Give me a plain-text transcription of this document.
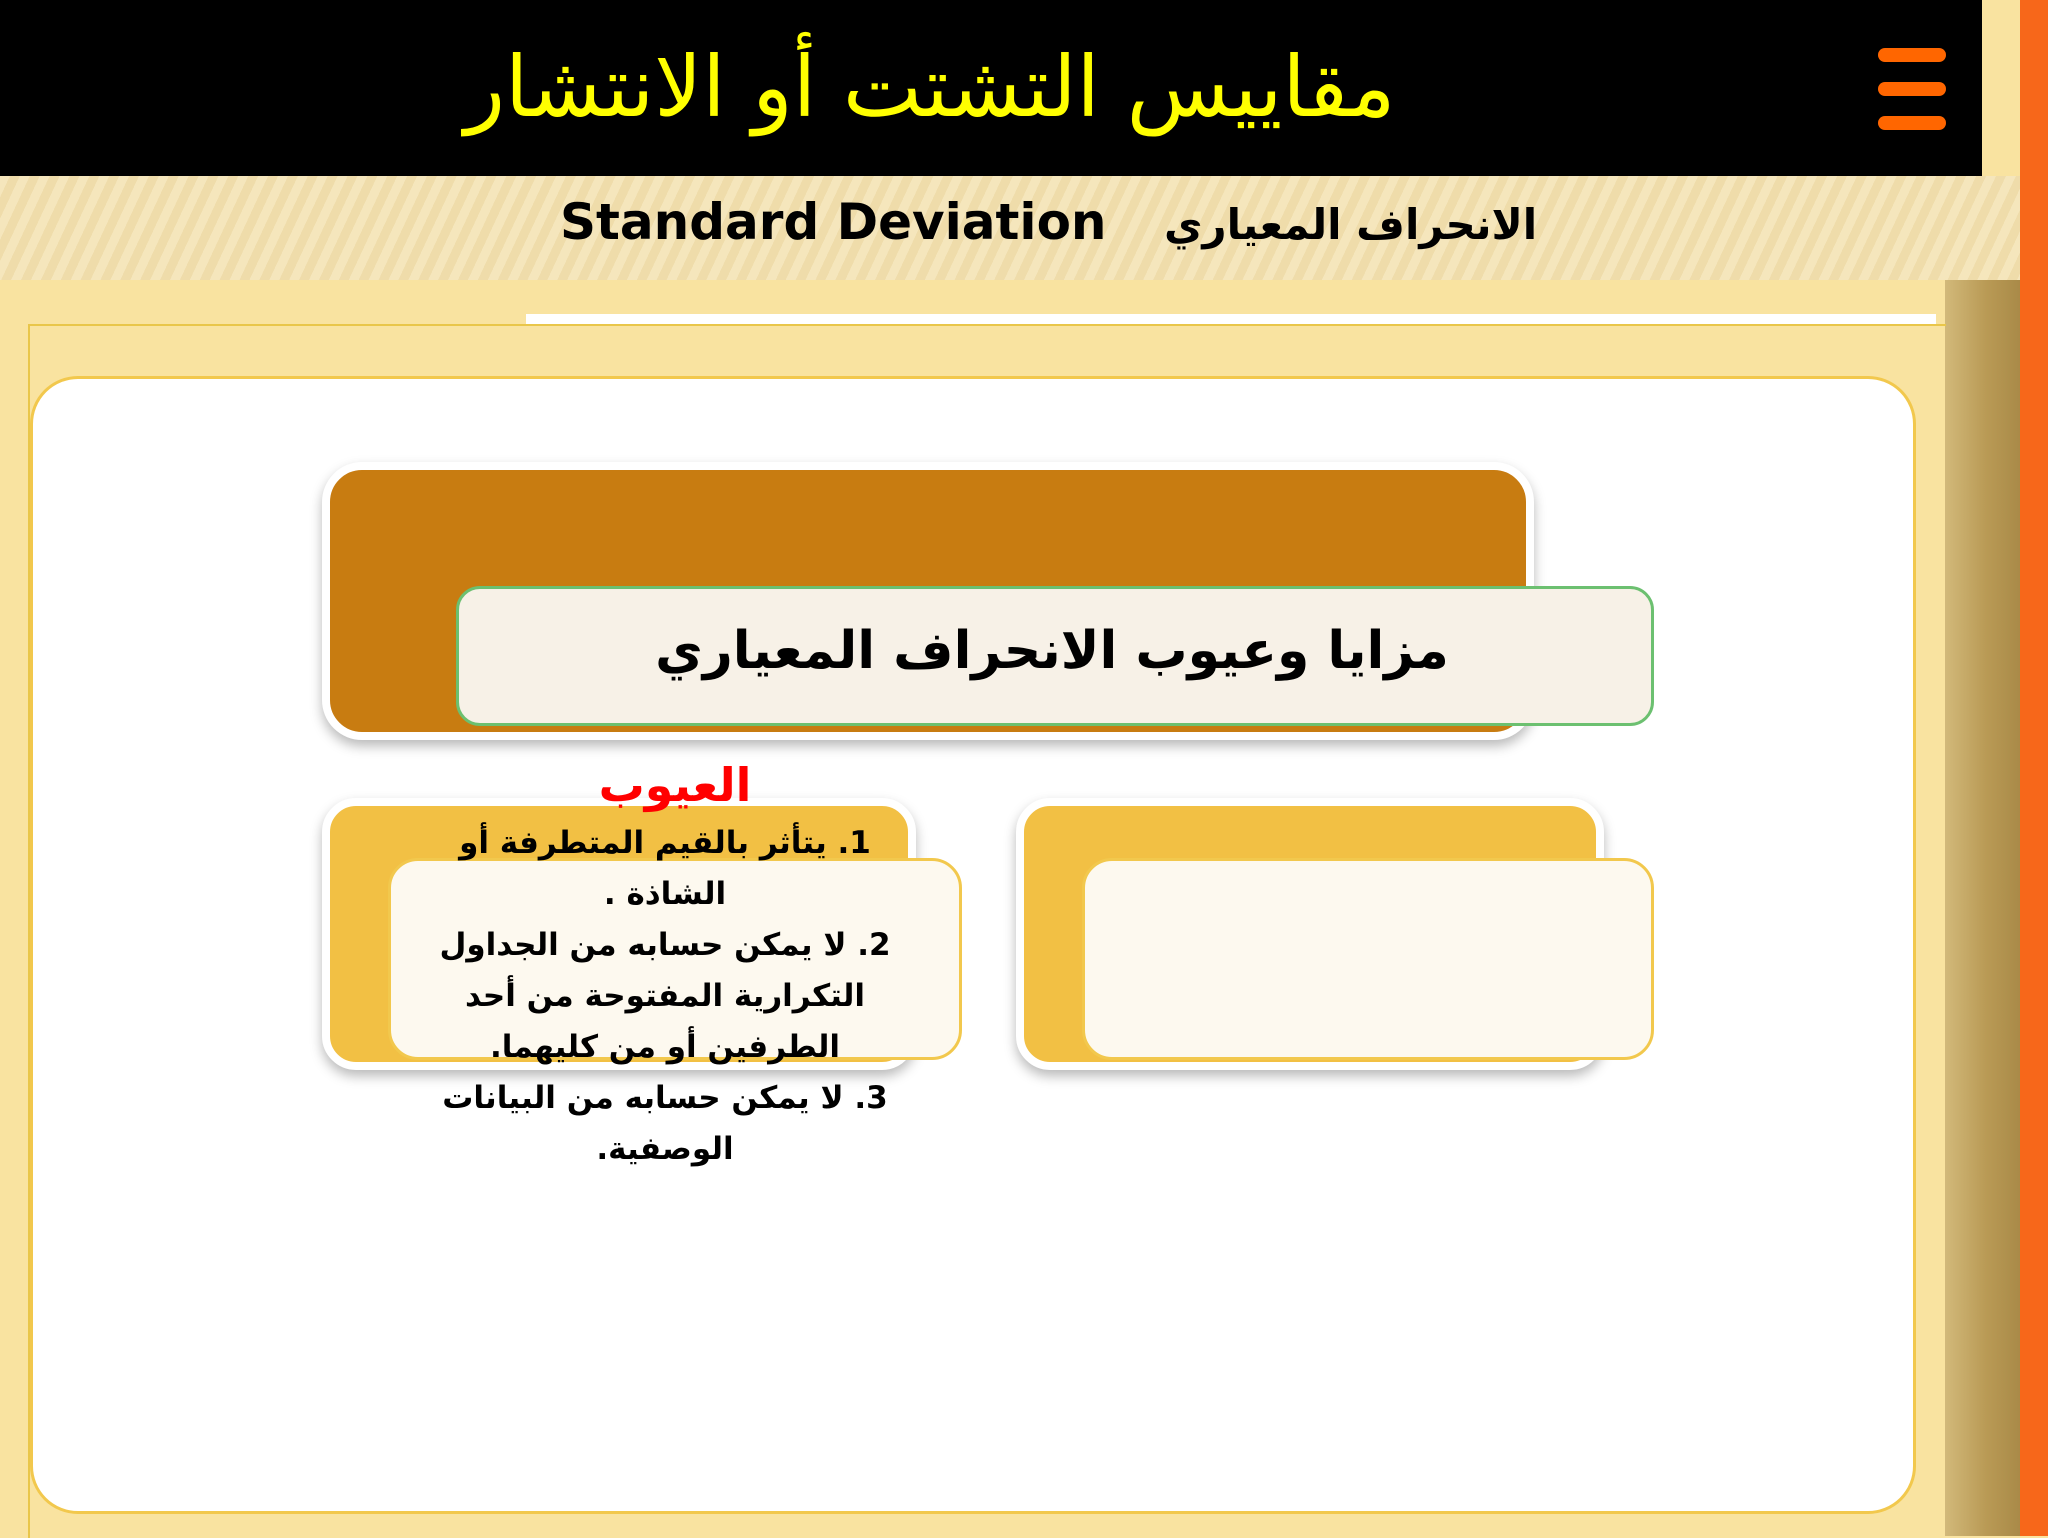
مقاييس التشتت أو الانتشار
Standard Deviation الانحراف المعياري
مزايا وعيوب الانحراف المعياري
العيوب

1. يتأثر بالقيم المتطرفة أو الشاذة .

2. لا يمكن حسابه من الجداول التكرارية المفتوحة من أحد الطرفين أو من كليهما.

3. لا يمكن حسابه من البيانات الوصفية.
